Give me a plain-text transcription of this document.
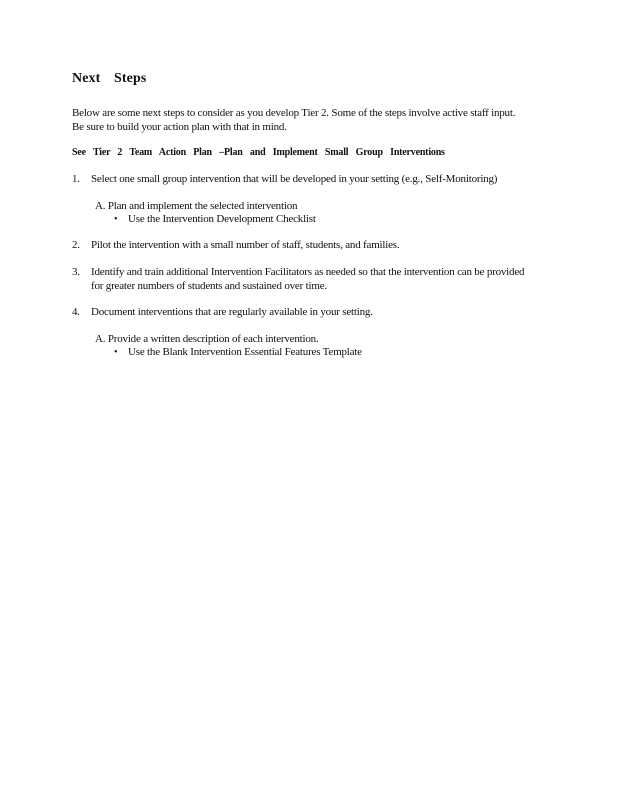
Next Steps
Below are some next steps to consider as you develop Tier 2. Some of the steps involve active staff input.
Be sure to build your action plan with that in mind.
See Tier 2 Team Action Plan –Plan and Implement Small Group Interventions
1.	Select one small group intervention that will be developed in your setting (e.g., Self-Monitoring)
A. Plan and implement the selected intervention
• Use the Intervention Development Checklist
2.	Pilot the intervention with a small number of staff, students, and families.
3.	Identify and train additional Intervention Facilitators as needed so that the intervention can be provided for greater numbers of students and sustained over time.
4.	Document interventions that are regularly available in your setting.
A. Provide a written description of each intervention.
• Use the Blank Intervention Essential Features Template
